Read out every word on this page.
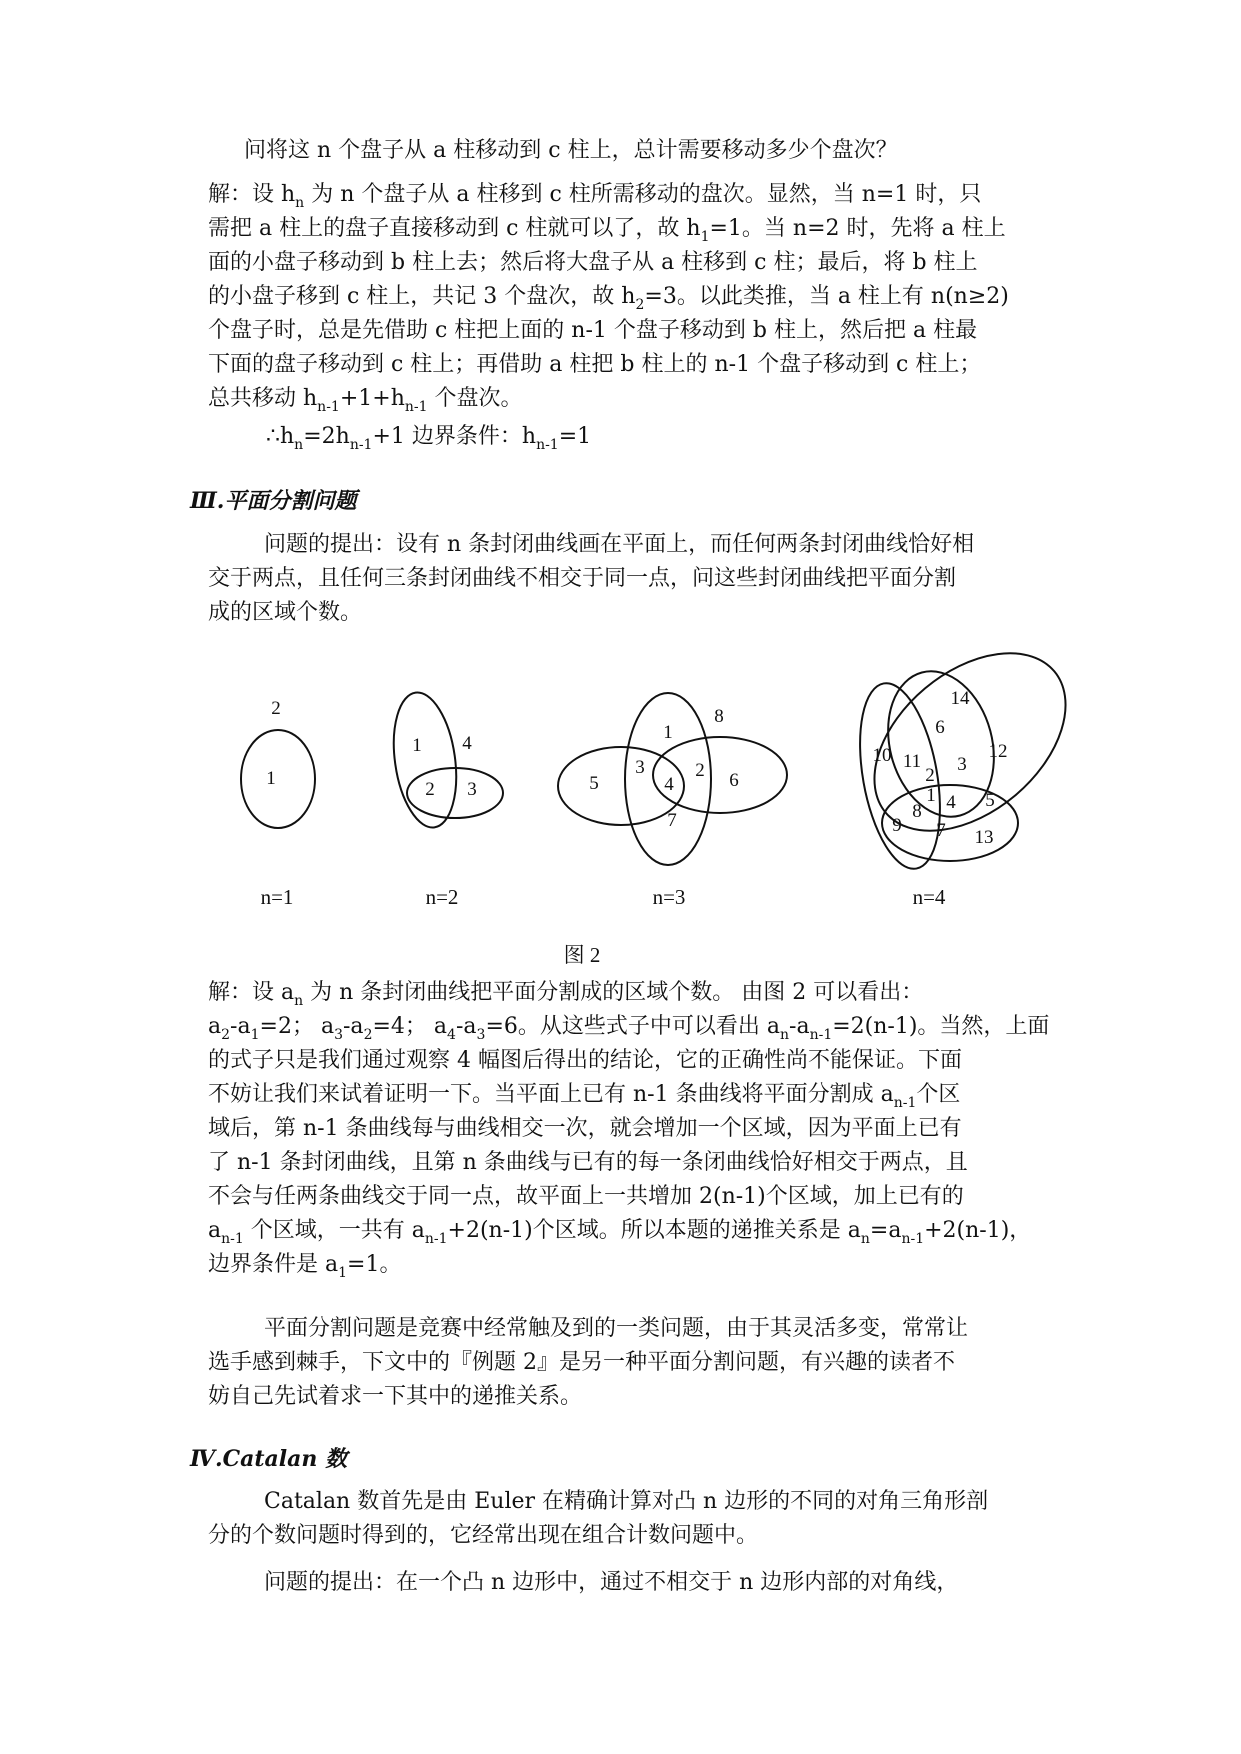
问将这 n 个盘子从 a 柱移动到 c 柱上，总计需要移动多少个盘次？
解：设 $h_n$ 为 n 个盘子从 a 柱移到 c 柱所需移动的盘次。显然，当 n=1 时，只
需把 a 柱上的盘子直接移动到 c 柱就可以了，故 $h_1=1$。当 n=2 时，先将 a 柱上
面的小盘子移动到 b 柱上去；然后将大盘子从 a 柱移到 c 柱；最后，将 b 柱上
的小盘子移到 c 柱上，共记 3 个盘次，故 $h_2=3$。以此类推，当 a 柱上有 n(n≥2)
个盘子时，总是先借助 c 柱把上面的 n-1 个盘子移动到 b 柱上，然后把 a 柱最
下面的盘子移动到 c 柱上；再借助 a 柱把 b 柱上的 n-1 个盘子移动到 c 柱上；
总共移动 $h_{n-1}+1+h_{n-1}$ 个盘次。
$\therefore h_n=2h_{n-1}+1$ 边界条件：$h_{n-1}=1$
Ⅲ.平面分割问题
问题的提出：设有 n 条封闭曲线画在平面上，而任何两条封闭曲线恰好相
交于两点，且任何三条封闭曲线不相交于同一点，问这些封闭曲线把平面分割
成的区域个数。
2
1
1 4
2 3
1
8
5
3	2 6
4
7
14
6
10 11 3
12
2
1 4 5
8
9 7 13
n=1	n=2	n=3	n=4
图 2
解：设 $a_n$ 为 n 条封闭曲线把平面分割成的区域个数。 由图 2 可以看出：
$a_2-a_1=2$； $a_3-a_2=4$； $a_4-a_3=6$。从这些式子中可以看出 $a_n-a_{n-1}=2(n-1)$。当然，上面
的式子只是我们通过观察 4 幅图后得出的结论，它的正确性尚不能保证。下面
不妨让我们来试着证明一下。当平面上已有 n-1 条曲线将平面分割成 $a_{n-1}$个区
域后，第 n-1 条曲线每与曲线相交一次，就会增加一个区域，因为平面上已有
了 n-1 条封闭曲线，且第 n 条曲线与已有的每一条闭曲线恰好相交于两点，且
不会与任两条曲线交于同一点，故平面上一共增加 2(n-1)个区域，加上已有的
$a_{n-1}$ 个区域，一共有 $a_{n-1}+2(n-1)$个区域。所以本题的递推关系是 $a_n=a_{n-1}+2(n-1)$，
边界条件是 $a_1=1$。
平面分割问题是竞赛中经常触及到的一类问题，由于其灵活多变，常常让
选手感到棘手，下文中的『例题 2』是另一种平面分割问题，有兴趣的读者不
妨自己先试着求一下其中的递推关系。
Ⅳ.Catalan 数
Catalan 数首先是由 Euler 在精确计算对凸 n 边形的不同的对角三角形剖
分的个数问题时得到的，它经常出现在组合计数问题中。
问题的提出：在一个凸 n 边形中，通过不相交于 n 边形内部的对角线，
